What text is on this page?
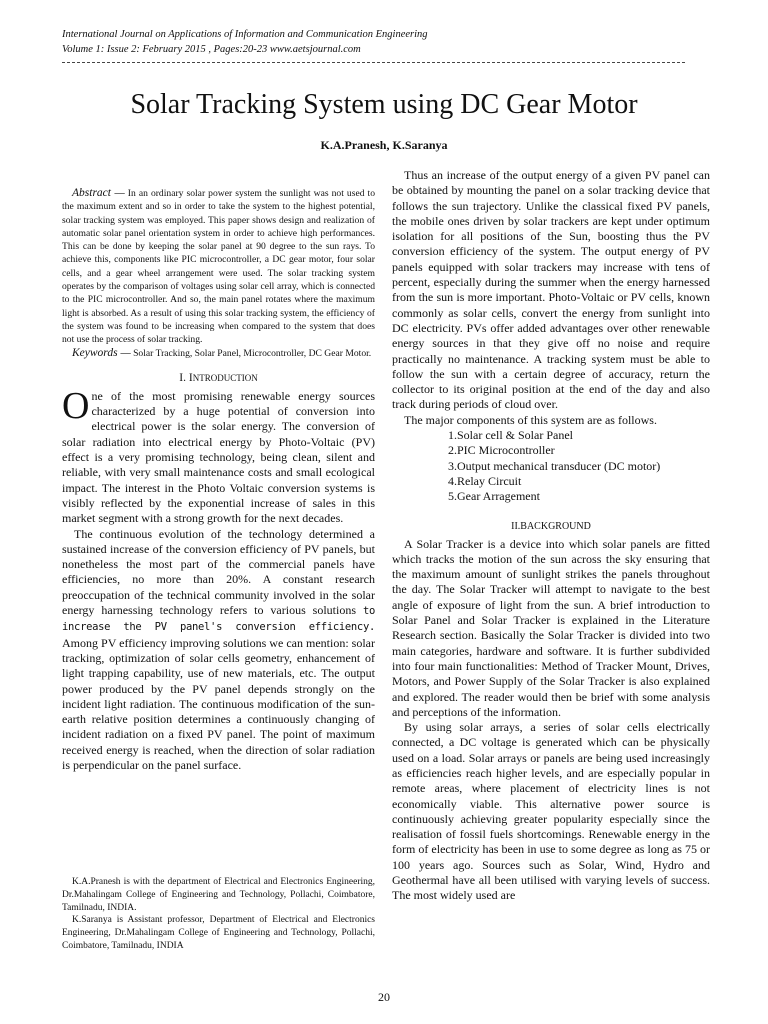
International Journal on Applications of Information and Communication Engineering
Volume 1: Issue 2: February 2015 , Pages:20-23 www.aetsjournal.com
Solar Tracking System using DC Gear Motor
K.A.Pranesh, K.Saranya

Abstract — In an ordinary solar power system the sunlight was not used to the maximum extent and so in order to take the system to the highest potential, solar tracking system was employed. This paper shows design and realization of automatic solar panel orientation system in order to achieve high performances. This can be done by keeping the solar panel at 90 degree to the sun rays. To achieve this, components like PIC microcontroller, a DC gear motor, four solar cells, and a gear wheel arrangement were used. The solar tracking system operates by the comparison of voltages using solar cell array, which is connected to the PIC microcontroller. And so, the main panel rotates where the maximum light is absorbed. As a result of using this solar tracking system, the efficiency of the system was found to be increasing when compared to the system that does not use the process of solar tracking.

Keywords — Solar Tracking, Solar Panel, Microcontroller, DC Gear Motor.

I. INTRODUCTION

One of the most promising renewable energy sources characterized by a huge potential of conversion into electrical power is the solar energy. The conversion of solar radiation into electrical energy by Photo-Voltaic (PV) effect is a very promising technology, being clean, silent and reliable, with very small maintenance costs and small ecological impact. The interest in the Photo Voltaic conversion systems is visibly reflected by the exponential increase of sales in this market segment with a strong growth for the next decades.

The continuous evolution of the technology determined a sustained increase of the conversion efficiency of PV panels, but nonetheless the most part of the commercial panels have efficiencies, no more than 20%. A constant research preoccupation of the technical community involved in the solar energy harnessing technology refers to various solutions to increase the PV panel's conversion efficiency. Among PV efficiency improving solutions we can mention: solar tracking, optimization of solar cells geometry, enhancement of light trapping capability, use of new materials, etc. The output power produced by the PV panel depends strongly on the incident light radiation. The continuous modification of the sun-earth relative position determines a continuously changing of incident radiation on a fixed PV panel. The point of maximum received energy is reached, when the direction of solar radiation is perpendicular on the panel surface.

K.A.Pranesh is with the department of Electrical and Electronics Engineering, Dr.Mahalingam College of Engineering and Technology, Pollachi, Coimbatore, Tamilnadu, INDIA.

K.Saranya is Assistant professor, Department of Electrical and Electronics Engineering, Dr.Mahalingam College of Engineering and Technology, Pollachi, Coimbatore, Tamilnadu, INDIA

Thus an increase of the output energy of a given PV panel can be obtained by mounting the panel on a solar tracking device that follows the sun trajectory. Unlike the classical fixed PV panels, the mobile ones driven by solar trackers are kept under optimum isolation for all positions of the Sun, boosting thus the PV conversion efficiency of the system. The output energy of PV panels equipped with solar trackers may increase with tens of percent, especially during the summer when the energy harnessed from the sun is more important. Photo-Voltaic or PV cells, known commonly as solar cells, convert the energy from sunlight into DC electricity. PVs offer added advantages over other renewable energy sources in that they give off no noise and require practically no maintenance. A tracking system must be able to follow the sun with a certain degree of accuracy, return the collector to its original position at the end of the day and also track during periods of cloud over.

The major components of this system are as follows.

1.Solar cell & Solar Panel
2.PIC Microcontroller
3.Output mechanical transducer (DC motor)
4.Relay Circuit
5.Gear Arragement
II.BACKGROUND

A Solar Tracker is a device into which solar panels are fitted which tracks the motion of the sun across the sky ensuring that the maximum amount of sunlight strikes the panels throughout the day. The Solar Tracker will attempt to navigate to the best angle of exposure of light from the sun. A brief introduction to Solar Panel and Solar Tracker is explained in the Literature Research section. Basically the Solar Tracker is divided into two main categories, hardware and software. It is further subdivided into four main functionalities: Method of Tracker Mount, Drives, Motors, and Power Supply of the Solar Tracker is also explained and explored. The reader would then be brief with some analysis and perceptions of the information.

By using solar arrays, a series of solar cells electrically connected, a DC voltage is generated which can be physically used on a load. Solar arrays or panels are being used increasingly as efficiencies reach higher levels, and are especially popular in remote areas, where placement of electricity lines is not economically viable. This alternative power source is continuously achieving greater popularity especially since the realisation of fossil fuels shortcomings. Renewable energy in the form of electricity has been in use to some degree as long as 75 or 100 years ago. Sources such as Solar, Wind, Hydro and Geothermal have all been utilised with varying levels of success. The most widely used are

20
